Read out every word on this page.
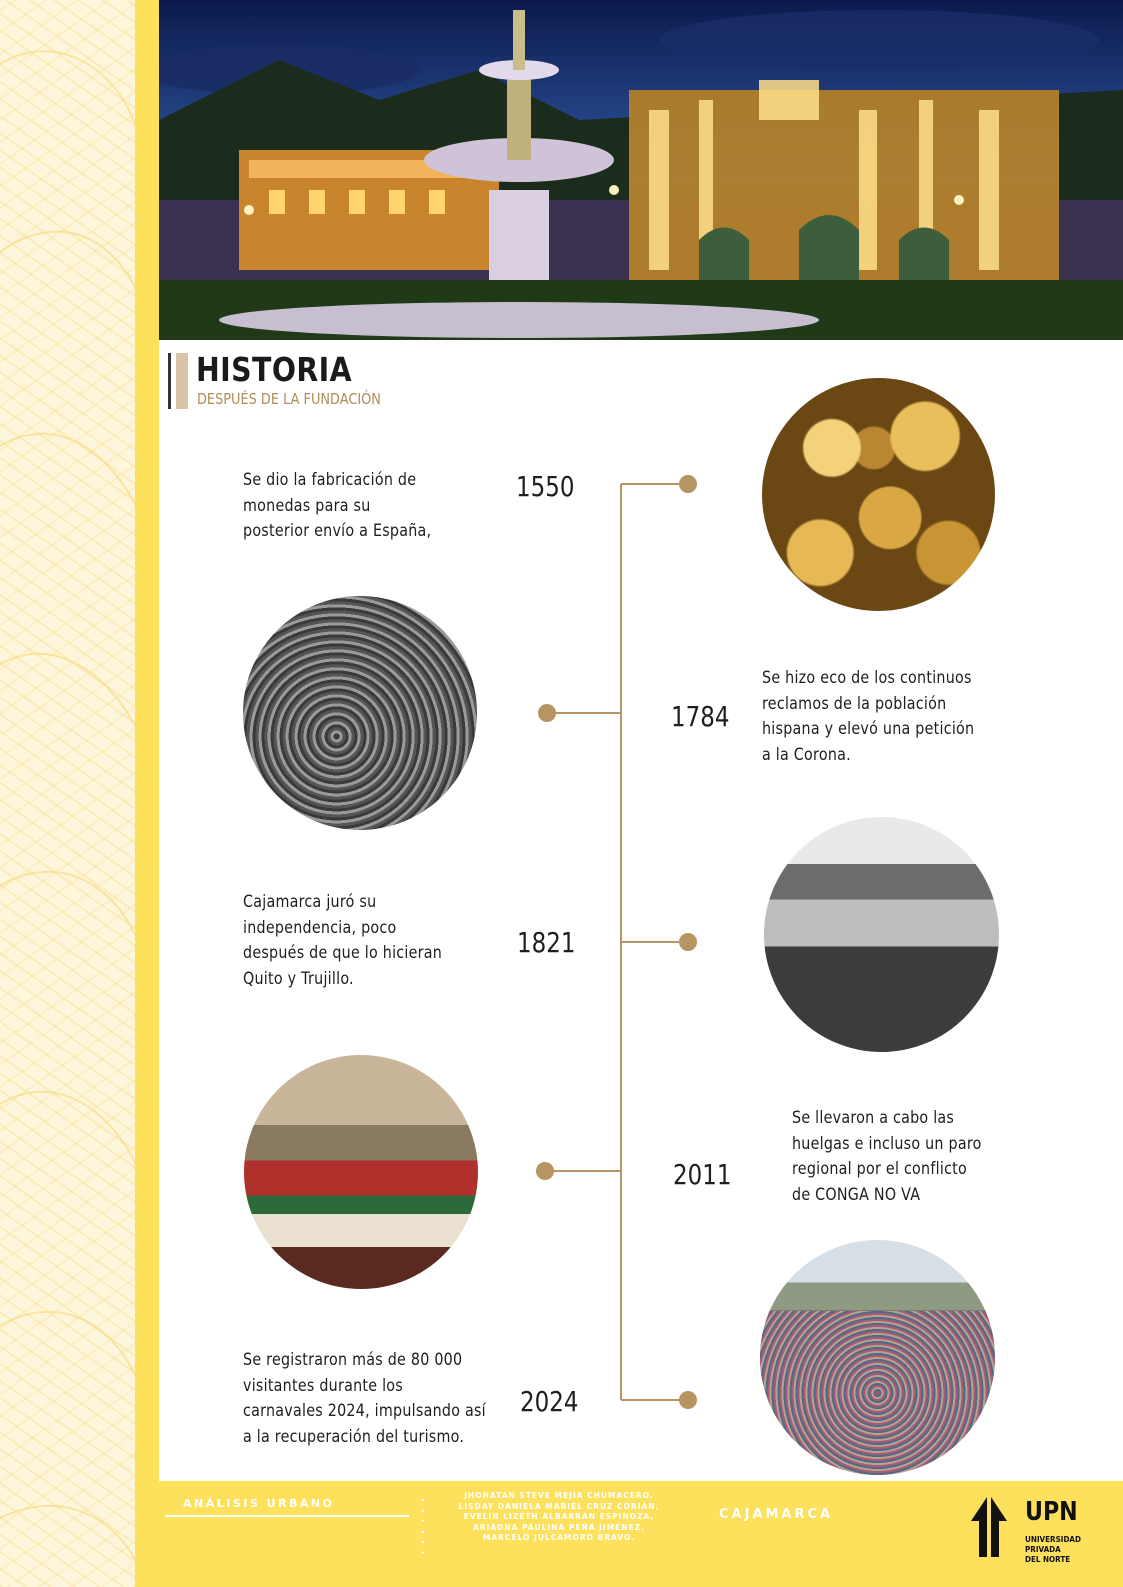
HISTORIA
DESPUÉS DE LA FUNDACIÓN
Se dio la fabricación de
monedas para su
posterior envío a España,
1550
1784
Se hizo eco de los continuos
reclamos de la población
hispana y elevó una petición
a la Corona.
Cajamarca juró su
independencia, poco
después de que lo hicieran
Quito y Trujillo.
1821
2011
Se llevaron a cabo las
huelgas e incluso un paro
regional por el conflicto
de CONGA NO VA
Se registraron más de 80 000
visitantes durante los
carnavales 2024, impulsando así
a la recuperación del turismo.
2024
ANÁLISIS URBANO	•
•
•
•
•
•
JHONATAN STEVE MEJÍA CHUMACERO,
LISDAY DANIELA MARIEL CRUZ CORIÁN,
EVELIN LIZETH ALBARRÁN ESPINOZA,
ARIADNA PAULINA PEÑA JIMÉNEZ,
MARCELO JULCAMORO BRAVO.
CAJAMARCA	UPN
UNIVERSIDAD
PRIVADA
DEL NORTE
